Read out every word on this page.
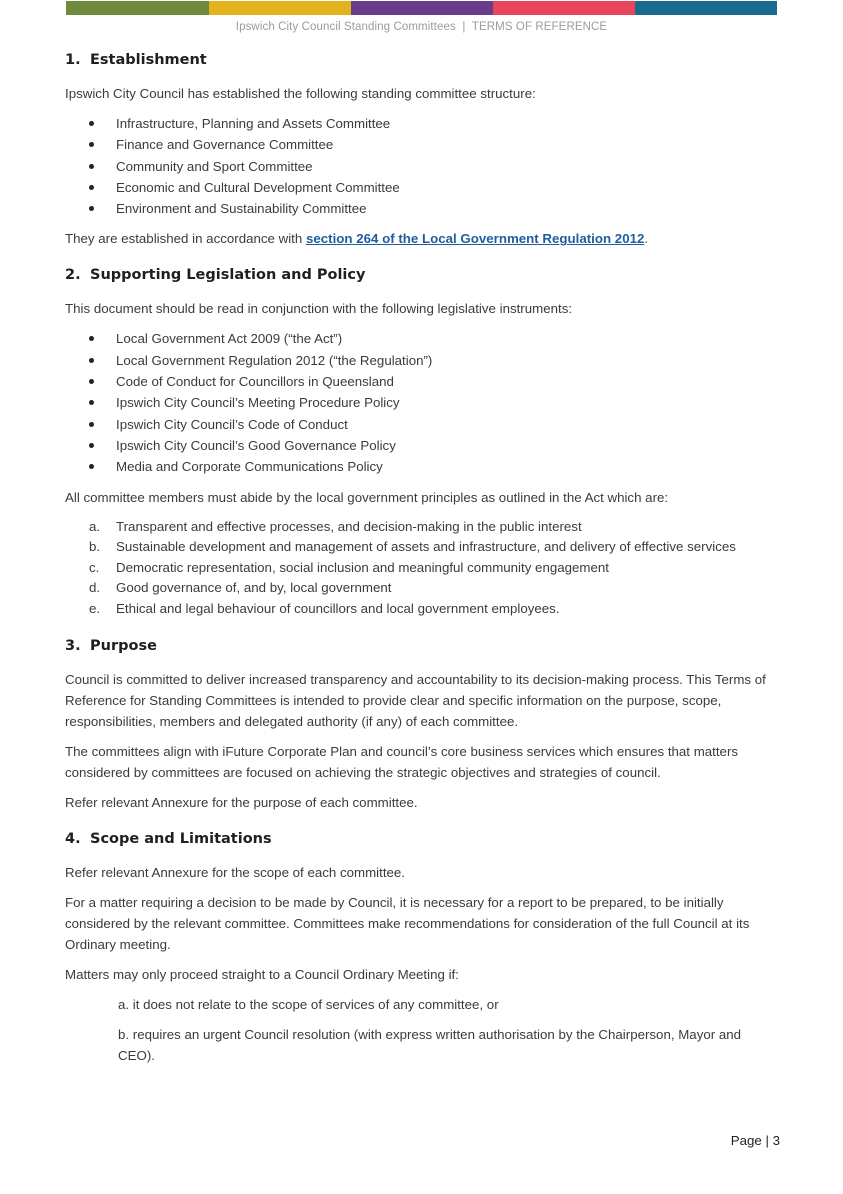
Ipswich City Council Standing Committees  |  TERMS OF REFERENCE
1. Establishment

Ipswich City Council has established the following standing committee structure:

Infrastructure, Planning and Assets Committee
Finance and Governance Committee
Community and Sport Committee
Economic and Cultural Development Committee
Environment and Sustainability Committee

They are established in accordance with section 264 of the Local Government Regulation 2012.

2. Supporting Legislation and Policy

This document should be read in conjunction with the following legislative instruments:

Local Government Act 2009 (“the Act”)
Local Government Regulation 2012 (“the Regulation”)
Code of Conduct for Councillors in Queensland
Ipswich City Council’s Meeting Procedure Policy
Ipswich City Council’s Code of Conduct
Ipswich City Council’s Good Governance Policy
Media and Corporate Communications Policy

All committee members must abide by the local government principles as outlined in the Act which are:

a. Transparent and effective processes, and decision-making in the public interest
b. Sustainable development and management of assets and infrastructure, and delivery of effective services
c. Democratic representation, social inclusion and meaningful community engagement
d. Good governance of, and by, local government
e. Ethical and legal behaviour of councillors and local government employees.
3. Purpose

Council is committed to deliver increased transparency and accountability to its decision-making process. This Terms of Reference for Standing Committees is intended to provide clear and specific information on the purpose, scope, responsibilities, members and delegated authority (if any) of each committee.

The committees align with iFuture Corporate Plan and council’s core business services which ensures that matters considered by committees are focused on achieving the strategic objectives and strategies of council.

Refer relevant Annexure for the purpose of each committee.

4. Scope and Limitations

Refer relevant Annexure for the scope of each committee.

For a matter requiring a decision to be made by Council, it is necessary for a report to be prepared, to be initially considered by the relevant committee. Committees make recommendations for consideration of the full Council at its Ordinary meeting.

Matters may only proceed straight to a Council Ordinary Meeting if:

a. it does not relate to the scope of services of any committee, or

b. requires an urgent Council resolution (with express written authorisation by the Chairperson, Mayor and CEO).

Page | 3
